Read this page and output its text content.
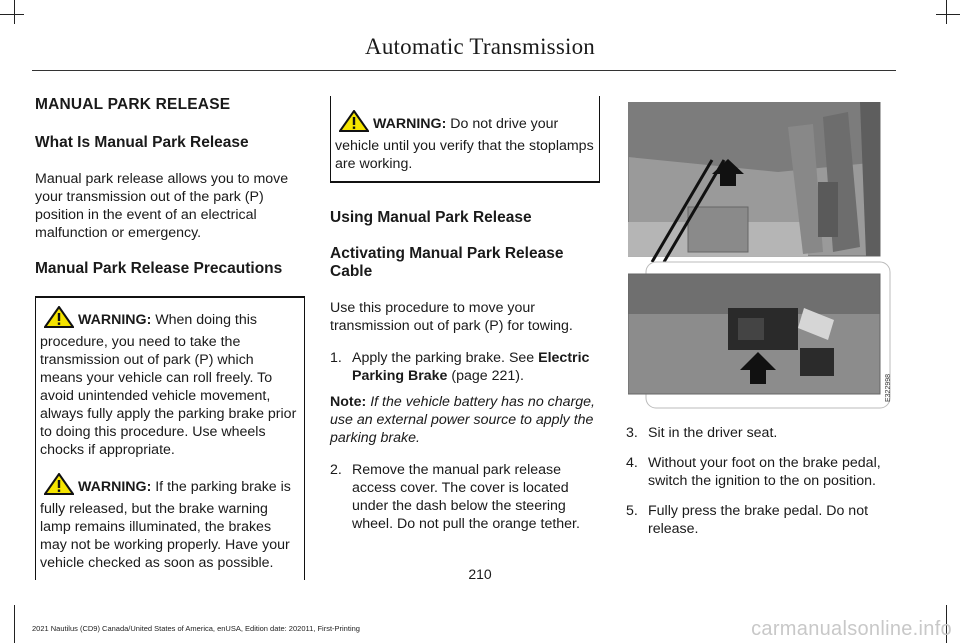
Automatic Transmission
MANUAL PARK RELEASE
What Is Manual Park Release

Manual park release allows you to move your transmission out of the park (P) position in the event of an electrical malfunction or emergency.

Manual Park Release Precautions
WARNING: When doing this procedure, you need to take the transmission out of park (P) which means your vehicle can roll freely. To avoid unintended vehicle movement, always fully apply the parking brake prior to doing this procedure. Use wheels chocks if appropriate.
WARNING: If the parking brake is fully released, but the brake warning lamp remains illuminated, the brakes may not be working properly. Have your vehicle checked as soon as possible.
WARNING: Do not drive your vehicle until you verify that the stoplamps are working.
Using Manual Park Release
Activating Manual Park Release Cable

Use this procedure to move your transmission out of park (P) for towing.

1. Apply the parking brake. See Electric Parking Brake (page 221).

Note: If the vehicle battery has no charge, use an external power source to apply the parking brake.

2. Remove the manual park release access cover. The cover is located under the dash below the steering wheel. Do not pull the orange tether.
E322998
3. Sit in the driver seat.
4. Without your foot on the brake pedal, switch the ignition to the on position.
5. Fully press the brake pedal. Do not release.
210
2021 Nautilus (CD9) Canada/United States of America, enUSA, Edition date: 202011, First-Printing	carmanualsonline.info
